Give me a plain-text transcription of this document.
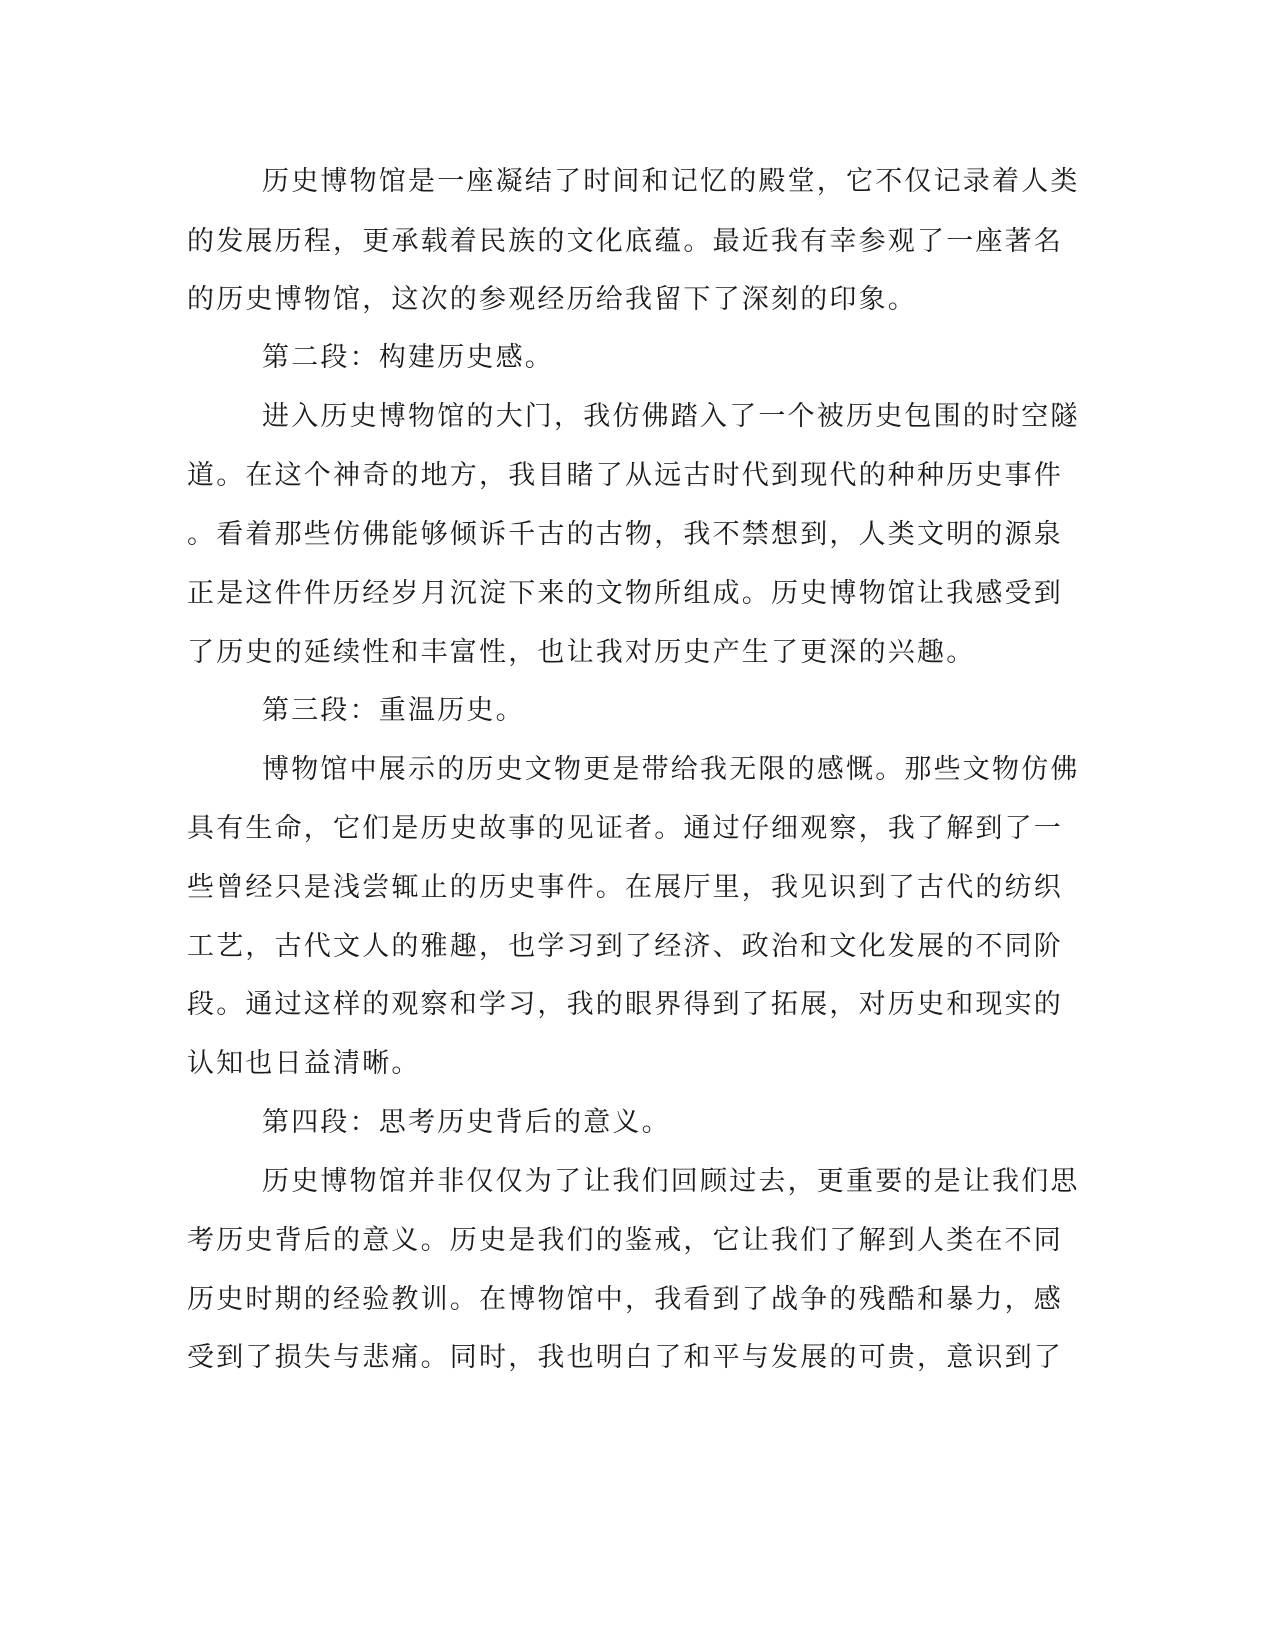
历史博物馆是一座凝结了时间和记忆的殿堂，它不仅记录着人类

的发展历程，更承载着民族的文化底蕴。最近我有幸参观了一座著名

的历史博物馆，这次的参观经历给我留下了深刻的印象。

第二段：构建历史感。

进入历史博物馆的大门，我仿佛踏入了一个被历史包围的时空隧

道。在这个神奇的地方，我目睹了从远古时代到现代的种种历史事件

。看着那些仿佛能够倾诉千古的古物，我不禁想到，人类文明的源泉

正是这件件历经岁月沉淀下来的文物所组成。历史博物馆让我感受到

了历史的延续性和丰富性，也让我对历史产生了更深的兴趣。

第三段：重温历史。

博物馆中展示的历史文物更是带给我无限的感慨。那些文物仿佛

具有生命，它们是历史故事的见证者。通过仔细观察，我了解到了一

些曾经只是浅尝辄止的历史事件。在展厅里，我见识到了古代的纺织

工艺，古代文人的雅趣，也学习到了经济、政治和文化发展的不同阶

段。通过这样的观察和学习，我的眼界得到了拓展，对历史和现实的

认知也日益清晰。

第四段：思考历史背后的意义。

历史博物馆并非仅仅为了让我们回顾过去，更重要的是让我们思

考历史背后的意义。历史是我们的鉴戒，它让我们了解到人类在不同

历史时期的经验教训。在博物馆中，我看到了战争的残酷和暴力，感

受到了损失与悲痛。同时，我也明白了和平与发展的可贵，意识到了
